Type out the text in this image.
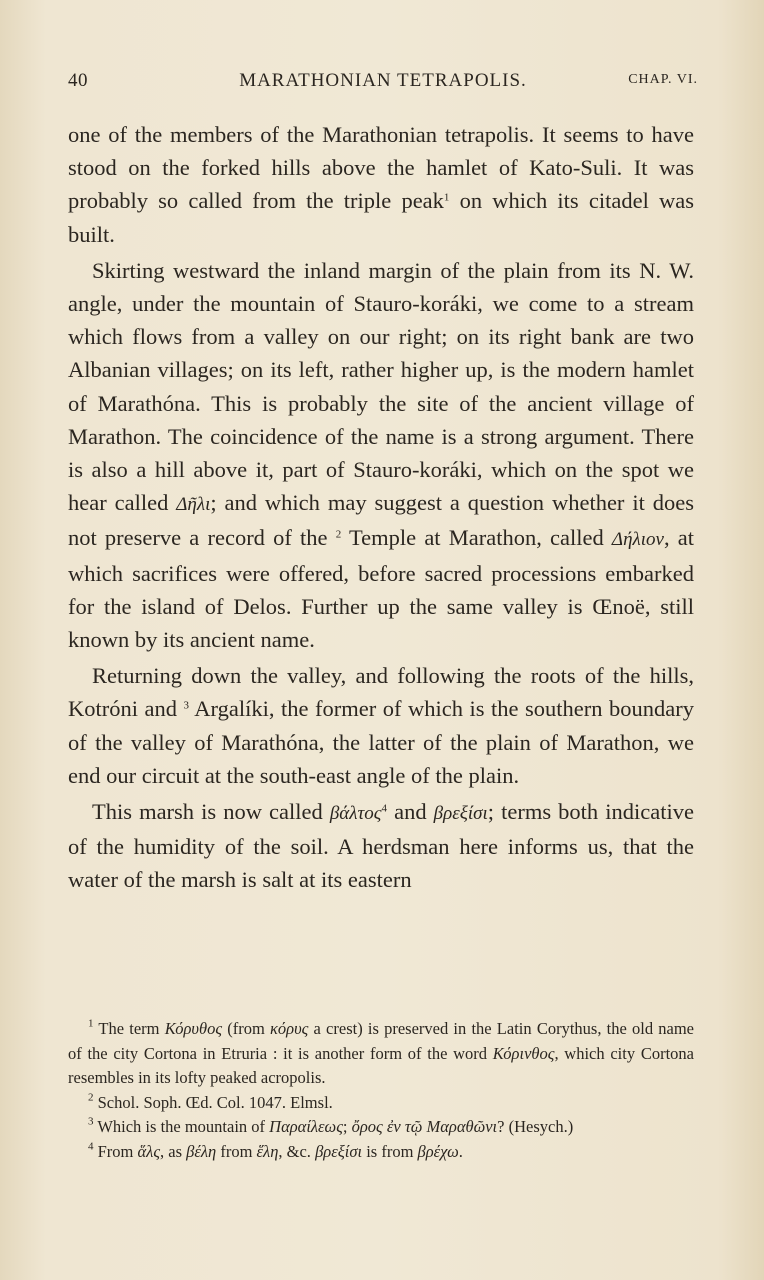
40	MARATHONIAN TETRAPOLIS.	CHAP. VI.

one of the members of the Marathonian tetrapolis. It seems to have stood on the forked hills above the hamlet of Kato-Suli. It was probably so called from the triple peak$^1$ on which its citadel was built.

Skirting westward the inland margin of the plain from its N. W. angle, under the mountain of Stauro-koráki, we come to a stream which flows from a valley on our right; on its right bank are two Albanian villages; on its left, rather higher up, is the modern hamlet of Marathóna. This is probably the site of the ancient village of Marathon. The coincidence of the name is a strong argument. There is also a hill above it, part of Stauro-koráki, which on the spot we hear called Δῆλι; and which may suggest a question whether it does not preserve a record of the $^2$ Temple at Marathon, called Δήλιον, at which sacrifices were offered, before sacred processions embarked for the island of Delos. Further up the same valley is Œnoë, still known by its ancient name.

Returning down the valley, and following the roots of the hills, Kotróni and $^3$ Argalíki, the former of which is the southern boundary of the valley of Marathóna, the latter of the plain of Marathon, we end our circuit at the south-east angle of the plain.

This marsh is now called βάλτος$^4$ and βρεξίσι; terms both indicative of the humidity of the soil. A herdsman here informs us, that the water of the marsh is salt at its eastern

$^1$ The term Κόρυθος (from κόρυς a crest) is preserved in the Latin Corythus, the old name of the city Cortona in Etruria : it is another form of the word Κόρινθος, which city Cortona resembles in its lofty peaked acropolis.

$^2$ Schol. Soph. Œd. Col. 1047. Elmsl.

$^3$ Which is the mountain of Παραίλεως; ὄρος ἐν τῷ Μαραθῶνι? (Hesych.)

$^4$ From ἅλς, as βέλη from ἕλη, &c. βρεξίσι is from βρέχω.
